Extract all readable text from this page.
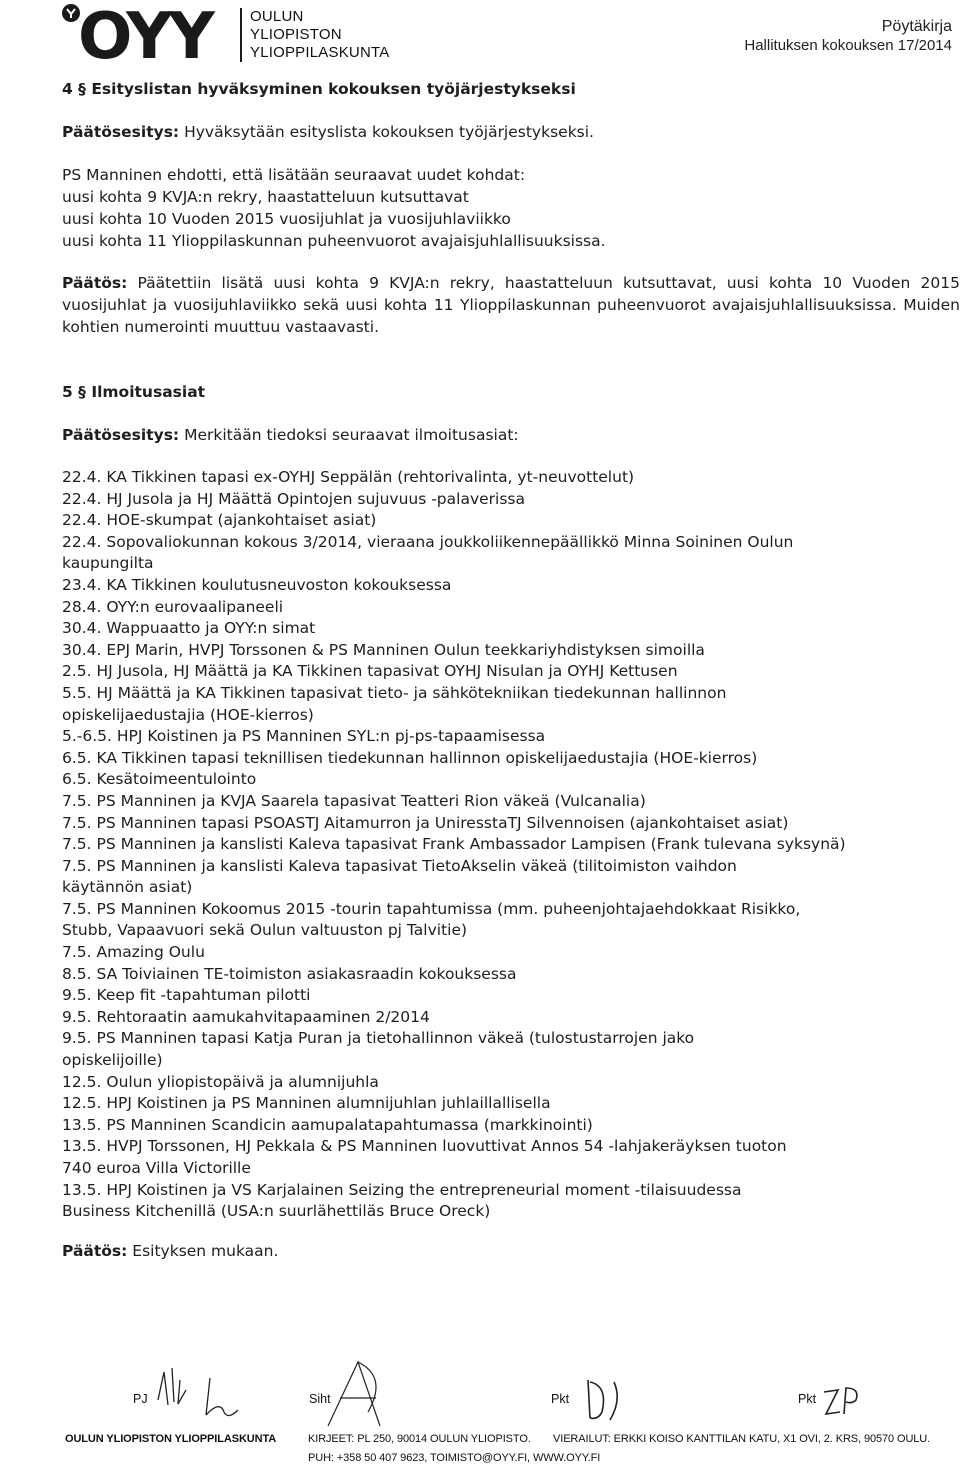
OYY	OULUN
YLIOPISTON
YLIOPPILASKUNTA
Pöytäkirja
Hallituksen kokouksen 17/2014
4 § Esityslistan hyväksyminen kokouksen työjärjestykseksi
Päätösesitys: Hyväksytään esityslista kokouksen työjärjestykseksi.
PS Manninen ehdotti, että lisätään seuraavat uudet kohdat:
uusi kohta 9 KVJA:n rekry, haastatteluun kutsuttavat
uusi kohta 10 Vuoden 2015 vuosijuhlat ja vuosijuhlaviikko
uusi kohta 11 Ylioppilaskunnan puheenvuorot avajaisjuhlallisuuksissa.
Päätös: Päätettiin lisätä uusi kohta 9 KVJA:n rekry, haastatteluun kutsuttavat, uusi kohta 10 Vuoden 2015 vuosijuhlat ja vuosijuhlaviikko sekä uusi kohta 11 Ylioppilaskunnan puheenvuorot avajaisjuhlallisuuksissa. Muiden kohtien numerointi muuttuu vastaavasti.
5 § Ilmoitusasiat
Päätösesitys: Merkitään tiedoksi seuraavat ilmoitusasiat:
22.4. KA Tikkinen tapasi ex-OYHJ Seppälän (rehtorivalinta, yt-neuvottelut)
22.4. HJ Jusola ja HJ Määttä Opintojen sujuvuus -palaverissa
22.4. HOE-skumpat (ajankohtaiset asiat)
22.4. Sopovaliokunnan kokous 3/2014, vieraana joukkoliikennepäällikkö Minna Soininen Oulun
kaupungilta
23.4. KA Tikkinen koulutusneuvoston kokouksessa
28.4. OYY:n eurovaalipaneeli
30.4. Wappuaatto ja OYY:n simat
30.4. EPJ Marin, HVPJ Torssonen & PS Manninen Oulun teekkariyhdistyksen simoilla
2.5. HJ Jusola, HJ Määttä ja KA Tikkinen tapasivat OYHJ Nisulan ja OYHJ Kettusen
5.5. HJ Määttä ja KA Tikkinen tapasivat tieto- ja sähkötekniikan tiedekunnan hallinnon
opiskelijaedustajia (HOE-kierros)
5.-6.5. HPJ Koistinen ja PS Manninen SYL:n pj-ps-tapaamisessa
6.5. KA Tikkinen tapasi teknillisen tiedekunnan hallinnon opiskelijaedustajia (HOE-kierros)
6.5. Kesätoimeentulointo
7.5. PS Manninen ja KVJA Saarela tapasivat Teatteri Rion väkeä (Vulcanalia)
7.5. PS Manninen tapasi PSOASTJ Aitamurron ja UniresstaTJ Silvennoisen (ajankohtaiset asiat)
7.5. PS Manninen ja kanslisti Kaleva tapasivat Frank Ambassador Lampisen (Frank tulevana syksynä)
7.5. PS Manninen ja kanslisti Kaleva tapasivat TietoAkselin väkeä (tilitoimiston vaihdon
käytännön asiat)
7.5. PS Manninen Kokoomus 2015 -tourin tapahtumissa (mm. puheenjohtajaehdokkaat Risikko,
Stubb, Vapaavuori sekä Oulun valtuuston pj Talvitie)
7.5. Amazing Oulu
8.5. SA Toiviainen TE-toimiston asiakasraadin kokouksessa
9.5. Keep fit -tapahtuman pilotti
9.5. Rehtoraatin aamukahvitapaaminen 2/2014
9.5. PS Manninen tapasi Katja Puran ja tietohallinnon väkeä (tulostustarrojen jako
opiskelijoille)
12.5. Oulun yliopistopäivä ja alumnijuhla
12.5. HPJ Koistinen ja PS Manninen alumnijuhlan juhlaillallisella
13.5. PS Manninen Scandicin aamupalatapahtumassa (markkinointi)
13.5. HVPJ Torssonen, HJ Pekkala & PS Manninen luovuttivat Annos 54 -lahjakeräyksen tuoton
740 euroa Villa Victorille
13.5. HPJ Koistinen ja VS Karjalainen Seizing the entrepreneurial moment -tilaisuudessa
Business Kitchenillä (USA:n suurlähettiläs Bruce Oreck)
Päätös: Esityksen mukaan.
PJ	Siht	Pkt	Pkt
OULUN YLIOPISTON YLIOPPILASKUNTA	KIRJEET: PL 250, 90014 OULUN YLIOPISTO. VIERAILUT: ERKKI KOISO KANTTILAN KATU, X1 OVI, 2. KRS, 90570 OULU.
PUH: +358 50 407 9623, TOIMISTO@OYY.FI, WWW.OYY.FI
